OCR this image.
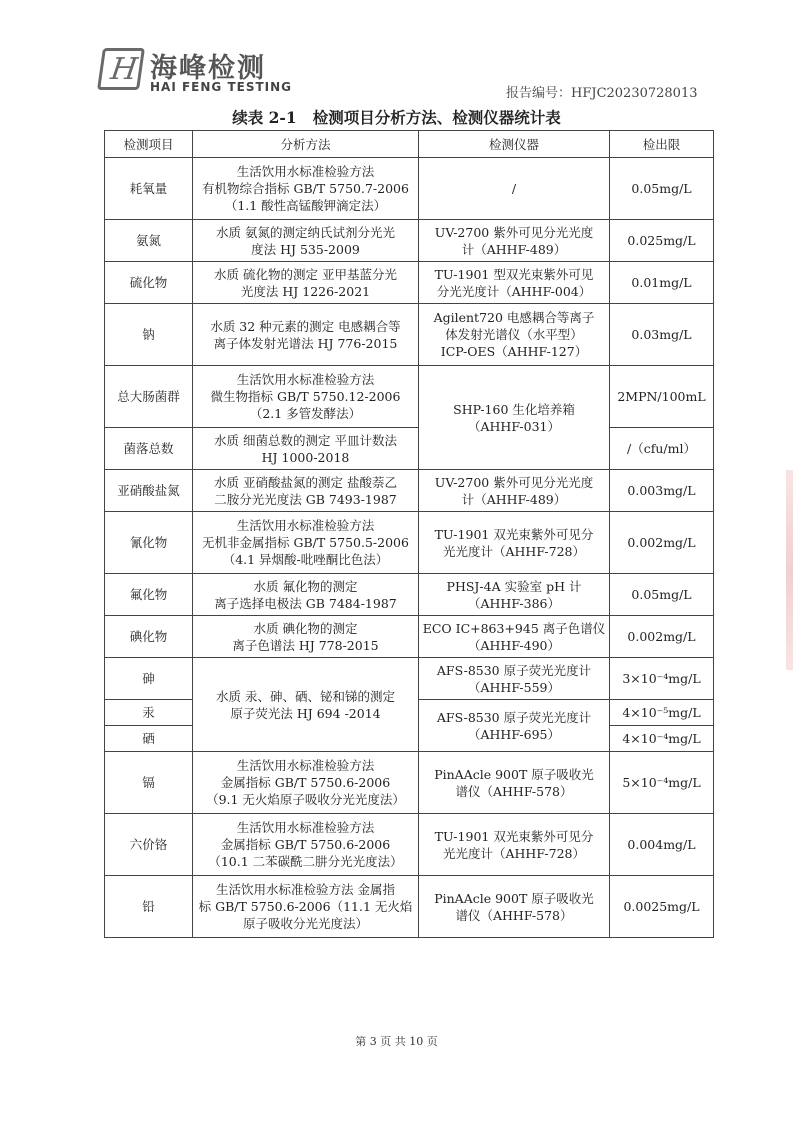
H 海峰检测
HAI FENG TESTING	报告编号：HFJC20230728013
续表 2-1   检测项目分析方法、检测仪器统计表
检测项目	分析方法	检测仪器	检出限
耗氧量	生活饮用水标准检验方法
有机物综合指标 GB/T 5750.7-2006
（1.1 酸性高锰酸钾滴定法）	/	0.05mg/L
氨氮	水质 氨氮的测定纳氏试剂分光光
度法 HJ 535-2009	UV-2700 紫外可见分光光度
计（AHHF-489）	0.025mg/L
硫化物	水质 硫化物的测定 亚甲基蓝分光
光度法 HJ 1226-2021	TU-1901 型双光束紫外可见
分光光度计（AHHF-004）	0.01mg/L
钠	水质 32 种元素的测定 电感耦合等
离子体发射光谱法 HJ 776-2015	Agilent720 电感耦合等离子
体发射光谱仪（水平型）
ICP-OES（AHHF-127）	0.03mg/L
总大肠菌群	生活饮用水标准检验方法
微生物指标 GB/T 5750.12-2006
（2.1 多管发酵法）	SHP-160 生化培养箱
（AHHF-031）	2MPN/100mL
菌落总数	水质 细菌总数的测定 平皿计数法
HJ 1000-2018		/（cfu/ml）
亚硝酸盐氮	水质 亚硝酸盐氮的测定 盐酸萘乙
二胺分光光度法 GB 7493-1987	UV-2700 紫外可见分光光度
计（AHHF-489）	0.003mg/L
氰化物	生活饮用水标准检验方法
无机非金属指标 GB/T 5750.5-2006
（4.1 异烟酸-吡唑酮比色法）	TU-1901 双光束紫外可见分
光光度计（AHHF-728）	0.002mg/L
氟化物	水质 氟化物的测定
离子选择电极法 GB 7484-1987	PHSJ-4A 实验室 pH 计
（AHHF-386）	0.05mg/L
碘化物	水质 碘化物的测定
离子色谱法 HJ 778-2015	ECO IC+863+945 离子色谱仪
（AHHF-490）	0.002mg/L
砷	水质 汞、砷、硒、铋和锑的测定
原子荧光法 HJ 694 -2014	AFS-8530 原子荧光光度计
（AHHF-559）	3×10⁻⁴mg/L
汞		AFS-8530 原子荧光光度计
（AHHF-695）	4×10⁻⁵mg/L
硒			4×10⁻⁴mg/L
镉	生活饮用水标准检验方法
金属指标 GB/T 5750.6-2006
（9.1 无火焰原子吸收分光光度法）	PinAAcle 900T 原子吸收光
谱仪（AHHF-578）	5×10⁻⁴mg/L
六价铬	生活饮用水标准检验方法
金属指标 GB/T 5750.6-2006
（10.1 二苯碳酰二肼分光光度法）	TU-1901 双光束紫外可见分
光光度计（AHHF-728）	0.004mg/L
铅	生活饮用水标准检验方法 金属指
标 GB/T 5750.6-2006（11.1 无火焰
原子吸收分光光度法）	PinAAcle 900T 原子吸收光
谱仪（AHHF-578）	0.0025mg/L
第 3 页 共 10 页
